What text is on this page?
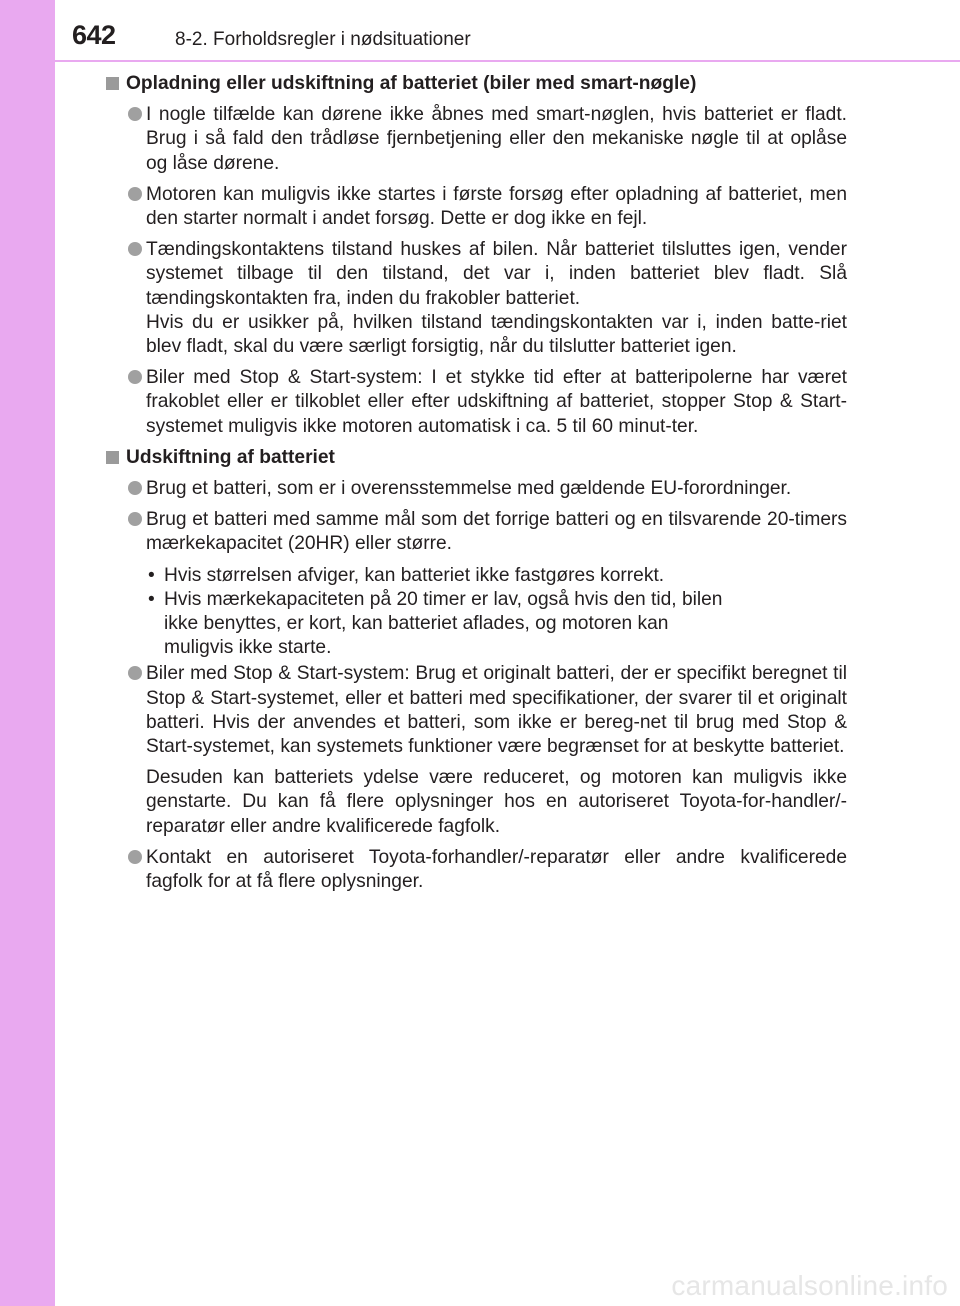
642	8-2. Forholdsregler i nødsituationer
Opladning eller udskiftning af batteriet (biler med smart-nøgle)
I nogle tilfælde kan dørene ikke åbnes med smart-nøglen, hvis batteriet er fladt. Brug i så fald den trådløse fjernbetjening eller den mekaniske nøgle til at oplåse og låse dørene.
Motoren kan muligvis ikke startes i første forsøg efter opladning af batteriet, men den starter normalt i andet forsøg. Dette er dog ikke en fejl.
Tændingskontaktens tilstand huskes af bilen. Når batteriet tilsluttes igen, vender systemet tilbage til den tilstand, det var i, inden batteriet blev fladt. Slå tændingskontakten fra, inden du frakobler batteriet.
Hvis du er usikker på, hvilken tilstand tændingskontakten var i, inden batte-riet blev fladt, skal du være særligt forsigtig, når du tilslutter batteriet igen.
Biler med Stop & Start-system: I et stykke tid efter at batteripolerne har været frakoblet eller er tilkoblet eller efter udskiftning af batteriet, stopper Stop & Start-systemet muligvis ikke motoren automatisk i ca. 5 til 60 minut-ter.
Udskiftning af batteriet
Brug et batteri, som er i overensstemmelse med gældende EU-forordninger.
Brug et batteri med samme mål som det forrige batteri og en tilsvarende 20-timers mærkekapacitet (20HR) eller større.
• Hvis størrelsen afviger, kan batteriet ikke fastgøres korrekt.
• Hvis mærkekapaciteten på 20 timer er lav, også hvis den tid, bilen ikke benyttes, er kort, kan batteriet aflades, og motoren kan muligvis ikke starte.
Biler med Stop & Start-system: Brug et originalt batteri, der er specifikt beregnet til Stop & Start-systemet, eller et batteri med specifikationer, der svarer til et originalt batteri. Hvis der anvendes et batteri, som ikke er bereg-net til brug med Stop & Start-systemet, kan systemets funktioner være begrænset for at beskytte batteriet.
Desuden kan batteriets ydelse være reduceret, og motoren kan muligvis ikke genstarte. Du kan få flere oplysninger hos en autoriseret Toyota-for-handler/-reparatør eller andre kvalificerede fagfolk.
Kontakt en autoriseret Toyota-forhandler/-reparatør eller andre kvalificerede fagfolk for at få flere oplysninger.
carmanualsonline.info
